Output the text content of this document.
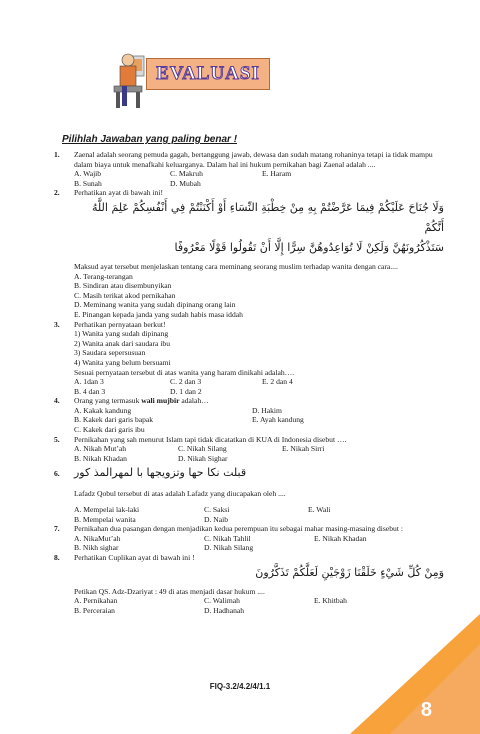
EVALUASI
Pilihlah Jawaban yang paling benar !
1. Zaenal adalah seorang pemuda gagah, bertanggung jawab, dewasa dan sudah matang rohaninya tetapi ia tidak mampu dalam biaya untuk menafkahi keluarganya. Dalam hal ini hukum pernikahan bagi Zaenal adalah ....
A. Wajib	C. Makruh	E. Haram
B. Sunah	D. Mubah
2. Perhatikan ayat di bawah ini!
وَلَا جُنَاحَ عَلَيْكُمْ فِيمَا عَرَّضْتُمْ بِهِ مِنْ خِطْبَةِ النِّسَاءِ أَوْ أَكْنَنْتُمْ فِي أَنْفُسِكُمْ عَلِمَ اللَّهُ أَنَّكُمْ
سَتَذْكُرُونَهُنَّ وَلَكِنْ لَا تُوَاعِدُوهُنَّ سِرًّا إِلَّا أَنْ تَقُولُوا قَوْلًا مَعْرُوفًا
Maksud ayat tersebut menjelaskan tentang cara meminang seorang muslim terhadap wanita dengan cara....
A. Terang-terangan
B. Sindiran atau disembunyikan
C. Masih terikat akod pernikahan
D. Meminang wanita yang sudah dipinang orang lain
E. Pinangan kepada janda yang sudah habis masa iddah
3. Perhatikan pernyataan berkut!
1) Wanita yang sudah dipinang
2) Wanita anak dari saudara ibu
3) Saudara sepersusuan
4) Wanita yang belum bersuami
Sesuai pernyataan tersebut di atas wanita yang haram dinikahi adalah….
A. 1dan 3	C. 2 dan 3	E. 2 dan 4
B. 4 dan 3	D. 1 dan 2
4. Orang yang termasuk wali mujbir adalah…
A. Kakak kandung	D. Hakim
B. Kakek dari garis bapak	E. Ayah kandung
C. Kakek dari garis ibu
5. Pernikahan yang sah menurut Islam tapi tidak dicatatkan di KUA di Indonesia disebut ….
A. Nikah Mut’ah	C. Nikah Silang	E. Nikah Sirri
B. Nikah Khadan	D. Nikah Sighar
6. قبلت نكا حها وتزويجها با لمهرالمذ كور
Lafadz Qobul tersebut di atas adalah Lafadz yang diucapakan oleh ....
A. Mempelai lak-laki	C. Saksi	E. Wali
B. Mempelai wanita	D. Naib
7. Pernikahan dua pasangan dengan menjadikan kedua perempuan itu sebagai mahar masing-masaing disebut :
A. NikaMut’ah	C. Nikah Tahlil	E. Nikah Khadan
B. Nikh sighar	D. Nikah Silang
8. Perhatikan Cuplikan ayat di bawah ini !
وَمِنْ كُلِّ شَيْءٍ خَلَقْنَا زَوْجَيْنِ لَعَلَّكُمْ تَذَكَّرُونَ
Petikan QS. Adz-Dzariyat : 49 di atas menjadi dasar hukum ....
A. Pernikahan	C. Walimah	E. Khitbah
B. Perceraian	D. Hadhanah
FIQ-3.2/4.2/4/1.1
8
